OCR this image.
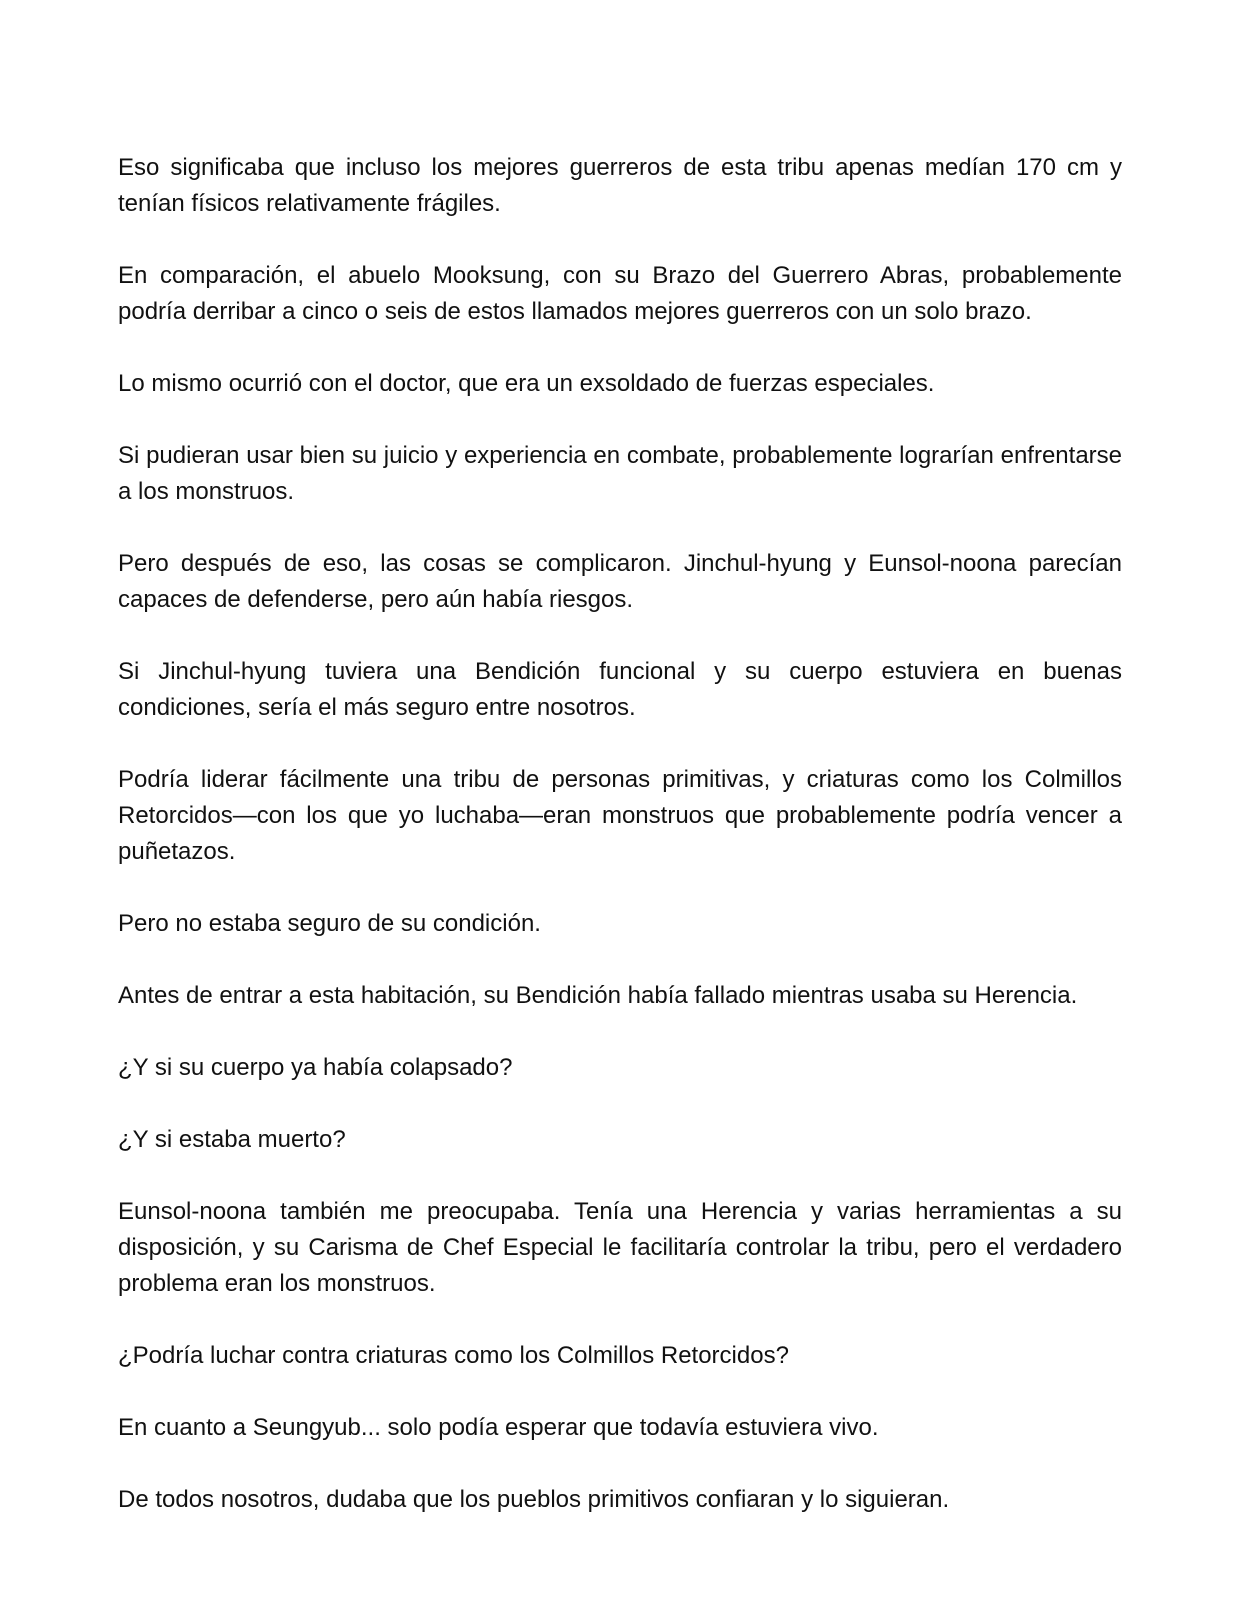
Eso significaba que incluso los mejores guerreros de esta tribu apenas medían 170 cm y tenían físicos relativamente frágiles.

En comparación, el abuelo Mooksung, con su Brazo del Guerrero Abras, probablemente podría derribar a cinco o seis de estos llamados mejores guerreros con un solo brazo.

Lo mismo ocurrió con el doctor, que era un exsoldado de fuerzas especiales.

Si pudieran usar bien su juicio y experiencia en combate, probablemente lograrían enfrentarse a los monstruos.

Pero después de eso, las cosas se complicaron. Jinchul-hyung y Eunsol-noona parecían capaces de defenderse, pero aún había riesgos.

Si Jinchul-hyung tuviera una Bendición funcional y su cuerpo estuviera en buenas condiciones, sería el más seguro entre nosotros.

Podría liderar fácilmente una tribu de personas primitivas, y criaturas como los Colmillos Retorcidos—con los que yo luchaba—eran monstruos que probablemente podría vencer a puñetazos.

Pero no estaba seguro de su condición.

Antes de entrar a esta habitación, su Bendición había fallado mientras usaba su Herencia.

¿Y si su cuerpo ya había colapsado?

¿Y si estaba muerto?

Eunsol-noona también me preocupaba. Tenía una Herencia y varias herramientas a su disposición, y su Carisma de Chef Especial le facilitaría controlar la tribu, pero el verdadero problema eran los monstruos.

¿Podría luchar contra criaturas como los Colmillos Retorcidos?

En cuanto a Seungyub... solo podía esperar que todavía estuviera vivo.

De todos nosotros, dudaba que los pueblos primitivos confiaran y lo siguieran.
